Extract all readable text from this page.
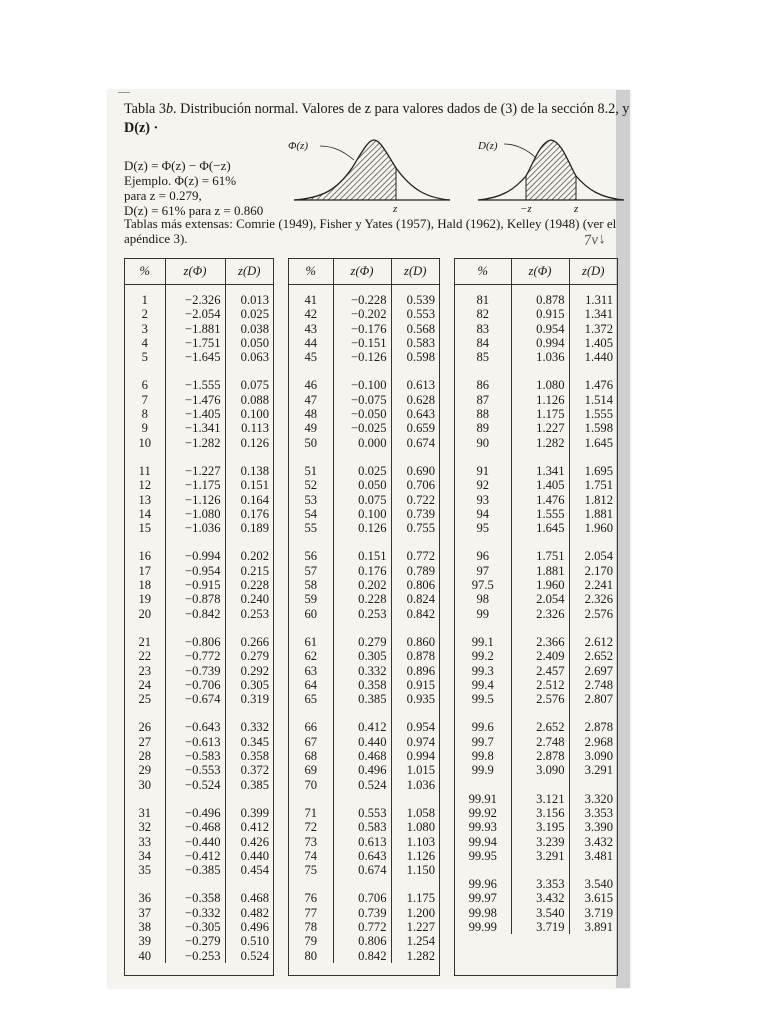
—
Tabla 3b. Distribución normal. Valores de z para valores dados de (3) de la sección 8.2, y
D(z) ·
D(z) = Φ(z) − Φ(−z)
Ejemplo. Φ(z) = 61%
para z = 0.279,
D(z) = 61% para z = 0.860
Φ(z)
z
D(z)
−z	z
Tablas más extensas: Comrie (1949), Fisher y Yates (1957), Hald (1962), Kelley (1948) (ver el apéndice 3).	7v↓
%	z(Φ)	z(D)
1	−2.326	0.013
2	−2.054	0.025
3	−1.881	0.038
4	−1.751	0.050
5	−1.645	0.063
6	−1.555	0.075
7	−1.476	0.088
8	−1.405	0.100
9	−1.341	0.113
10	−1.282	0.126
11	−1.227	0.138
12	−1.175	0.151
13	−1.126	0.164
14	−1.080	0.176
15	−1.036	0.189
16	−0.994	0.202
17	−0.954	0.215
18	−0.915	0.228
19	−0.878	0.240
20	−0.842	0.253
21	−0.806	0.266
22	−0.772	0.279
23	−0.739	0.292
24	−0.706	0.305
25	−0.674	0.319
26	−0.643	0.332
27	−0.613	0.345
28	−0.583	0.358
29	−0.553	0.372
30	−0.524	0.385
31	−0.496	0.399
32	−0.468	0.412
33	−0.440	0.426
34	−0.412	0.440
35	−0.385	0.454
36	−0.358	0.468
37	−0.332	0.482
38	−0.305	0.496
39	−0.279	0.510
40	−0.253	0.524
%	z(Φ)	z(D)
41	−0.228	0.539
42	−0.202	0.553
43	−0.176	0.568
44	−0.151	0.583
45	−0.126	0.598
46	−0.100	0.613
47	−0.075	0.628
48	−0.050	0.643
49	−0.025	0.659
50	0.000	0.674
51	0.025	0.690
52	0.050	0.706
53	0.075	0.722
54	0.100	0.739
55	0.126	0.755
56	0.151	0.772
57	0.176	0.789
58	0.202	0.806
59	0.228	0.824
60	0.253	0.842
61	0.279	0.860
62	0.305	0.878
63	0.332	0.896
64	0.358	0.915
65	0.385	0.935
66	0.412	0.954
67	0.440	0.974
68	0.468	0.994
69	0.496	1.015
70	0.524	1.036
71	0.553	1.058
72	0.583	1.080
73	0.613	1.103
74	0.643	1.126
75	0.674	1.150
76	0.706	1.175
77	0.739	1.200
78	0.772	1.227
79	0.806	1.254
80	0.842	1.282
%	z(Φ)	z(D)
81	0.878	1.311
82	0.915	1.341
83	0.954	1.372
84	0.994	1.405
85	1.036	1.440
86	1.080	1.476
87	1.126	1.514
88	1.175	1.555
89	1.227	1.598
90	1.282	1.645
91	1.341	1.695
92	1.405	1.751
93	1.476	1.812
94	1.555	1.881
95	1.645	1.960
96	1.751	2.054
97	1.881	2.170
97.5	1.960	2.241
98	2.054	2.326
99	2.326	2.576
99.1	2.366	2.612
99.2	2.409	2.652
99.3	2.457	2.697
99.4	2.512	2.748
99.5	2.576	2.807
99.6	2.652	2.878
99.7	2.748	2.968
99.8	2.878	3.090
99.9	3.090	3.291
99.91	3.121	3.320
99.92	3.156	3.353
99.93	3.195	3.390
99.94	3.239	3.432
99.95	3.291	3.481
99.96	3.353	3.540
99.97	3.432	3.615
99.98	3.540	3.719
99.99	3.719	3.891
